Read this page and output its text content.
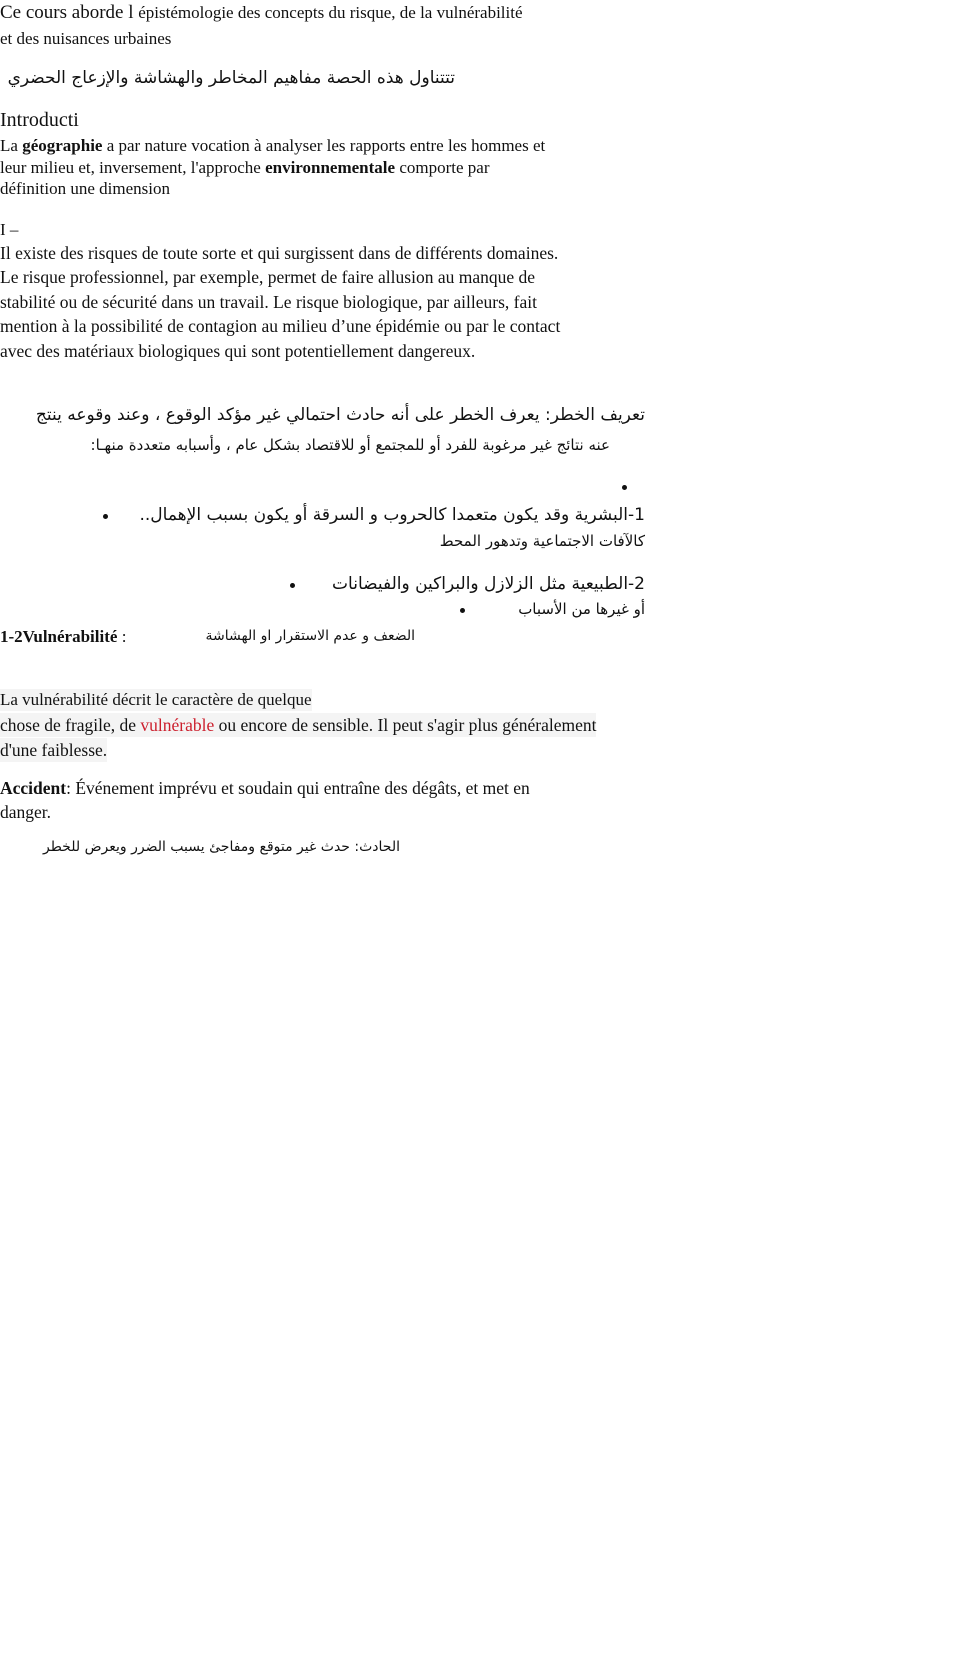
Ce cours aborde l épistémologie des concepts du risque, de la vulnérabilité
et des nuisances urbaines
تتتناول هذه الحصة مفاهيم المخاطر والهشاشة والإزعاج الحضري
Introducti
La géographie a par nature vocation à analyser les rapports entre les hommes et
leur milieu et, inversement, l'approche environnementale comporte par
définition une dimension
I –
Il existe des risques de toute sorte et qui surgissent dans de différents domaines.
Le risque professionnel, par exemple, permet de faire allusion au manque de
stabilité ou de sécurité dans un travail. Le risque biologique, par ailleurs, fait
mention à la possibilité de contagion au milieu d’une épidémie ou par le contact
avec des matériaux biologiques qui sont potentiellement dangereux.
تعريف الخطر: يعرف الخطر على أنه حادث احتمالي غير مؤكد الوقوع ، وعند وقوعه ينتج
عنه نتائج غير مرغوبة للفرد أو للمجتمع أو للاقتصاد بشكل عام ، وأسبابه متعددة منهـا:
1-البشرية وقد يكون متعمدا كالحروب و السرقة أو يكون بسبب الإهمال..
كالآفات الاجتماعية وتدهور المحط
2-الطبيعية مثل الزلازل والبراكين والفيضانات
أو غيرها من الأسباب
1-2Vulnérabilité :	الضعف و عدم الاستقرار او الهشاشة
La vulnérabilité décrit le caractère de quelque
chose de fragile, de vulnérable ou encore de sensible. Il peut s'agir plus généralement
d'une faiblesse.
Accident: Événement imprévu et soudain qui entraîne des dégâts, et met en
danger.
الحادث: حدث غير متوقع ومفاجئ يسبب الضرر ويعرض للخطر
